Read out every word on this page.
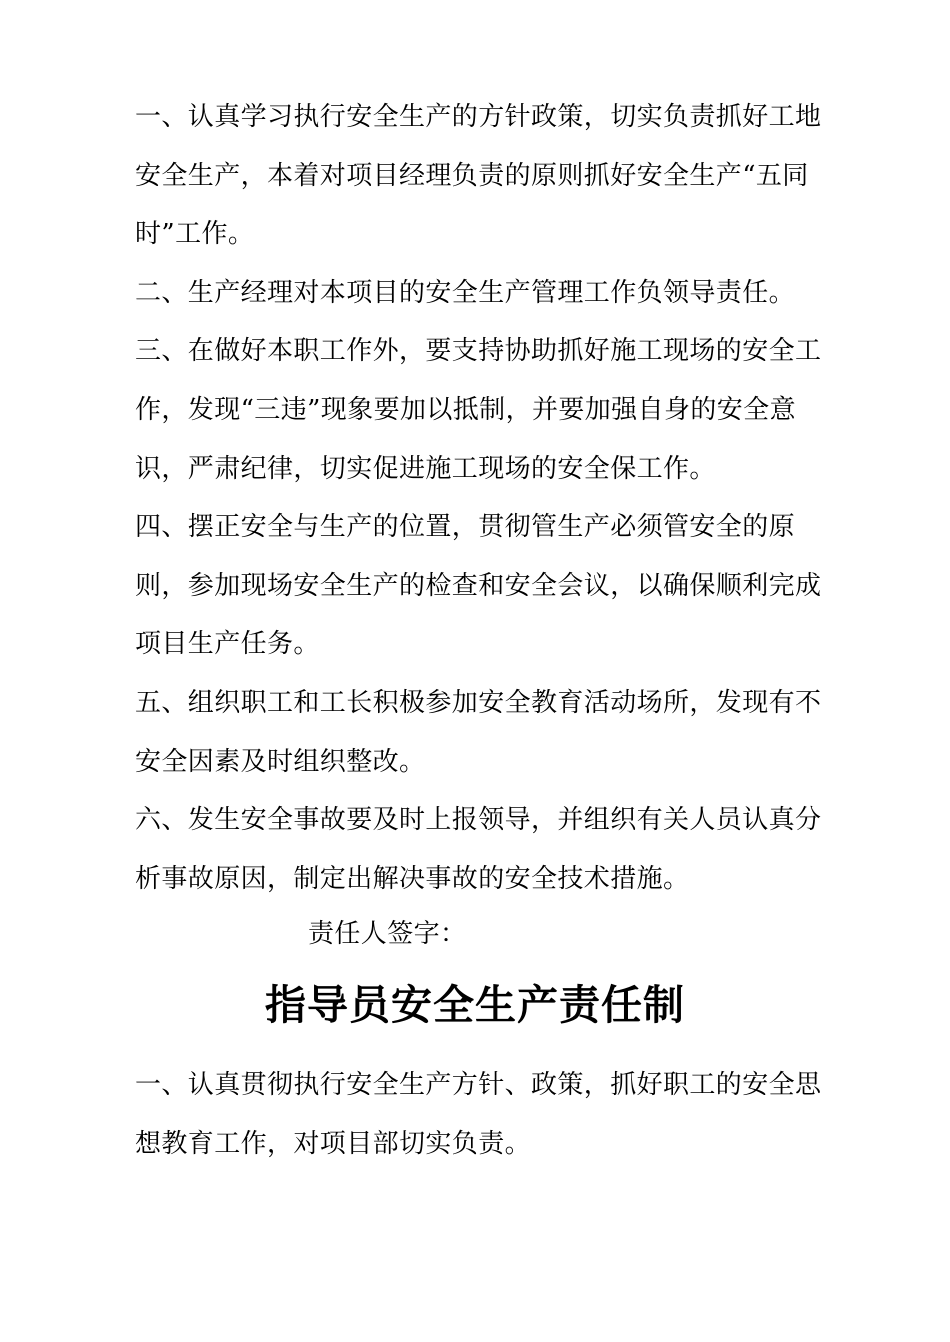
一、认真学习执行安全生产的方针政策，切实负责抓好工地安全生产，本着对项目经理负责的原则抓好安全生产“五同时”工作。

二、生产经理对本项目的安全生产管理工作负领导责任。

三、在做好本职工作外，要支持协助抓好施工现场的安全工作，发现“三违”现象要加以抵制，并要加强自身的安全意识，严肃纪律，切实促进施工现场的安全保工作。

四、摆正安全与生产的位置，贯彻管生产必须管安全的原则，参加现场安全生产的检查和安全会议，以确保顺利完成项目生产任务。

五、组织职工和工长积极参加安全教育活动场所，发现有不安全因素及时组织整改。

六、发生安全事故要及时上报领导，并组织有关人员认真分析事故原因，制定出解决事故的安全技术措施。

责任人签字：
指导员安全生产责任制

一、认真贯彻执行安全生产方针、政策，抓好职工的安全思想教育工作，对项目部切实负责。
